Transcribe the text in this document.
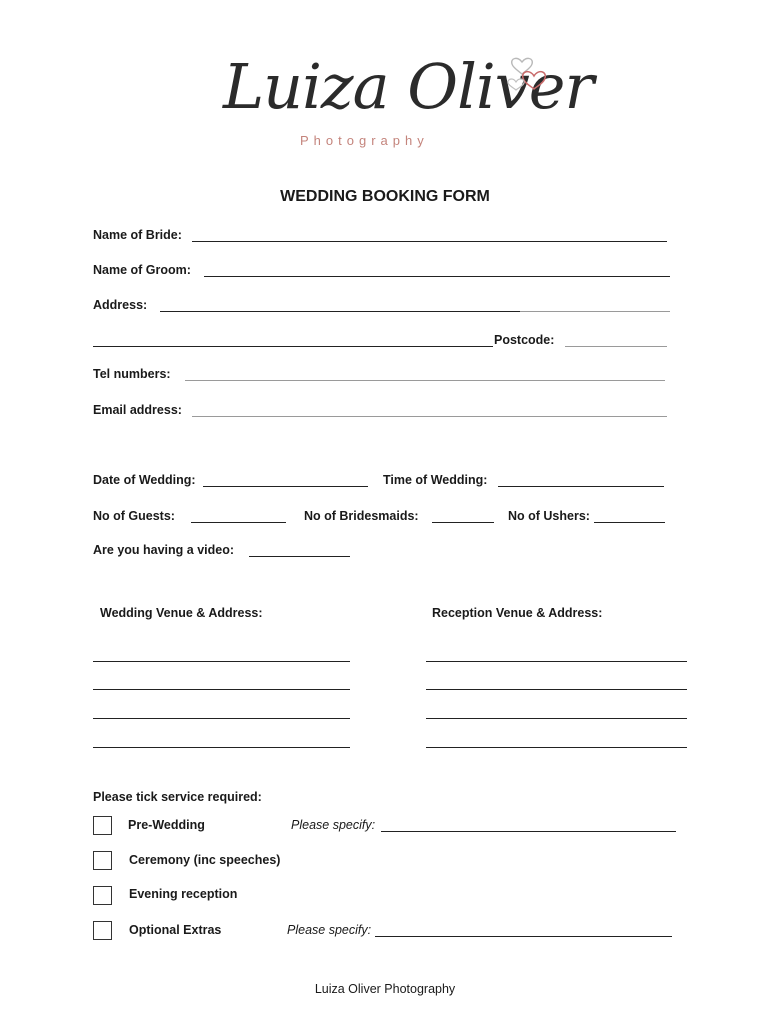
Luiza Oliver
Photography
WEDDING BOOKING FORM
Name of Bride:
Name of Groom:
Address:
Postcode:
Tel numbers:
Email address:
Date of Wedding:	Time of Wedding:
No of Guests:	No of Bridesmaids:	No of Ushers:
Are you having a video:
Wedding Venue & Address:	Reception Venue & Address:
Please tick service required:
Pre-Wedding	Please specify:
Ceremony (inc speeches)
Evening reception
Optional Extras	Please specify:
Luiza Oliver Photography
